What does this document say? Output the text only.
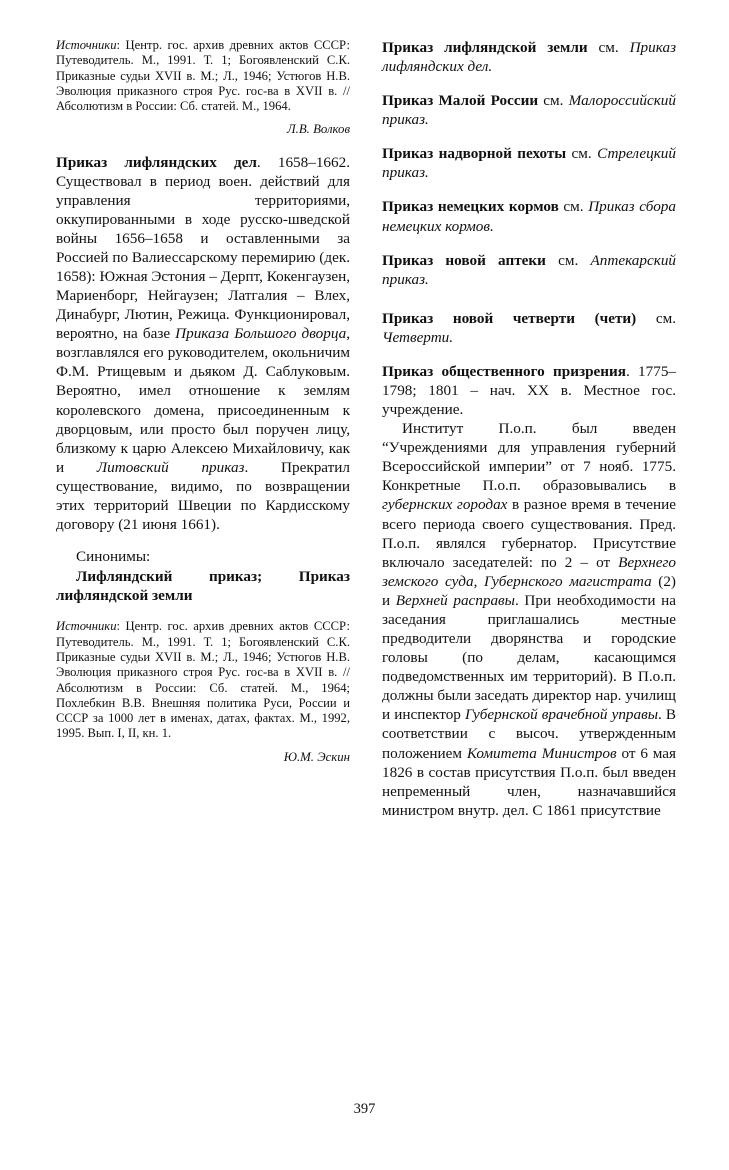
Источники: Центр. гос. архив древних актов СССР: Путеводитель. М., 1991. Т. 1; Богоявленский С.К. Приказные судьи XVII в. М.; Л., 1946; Устюгов Н.В. Эволюция приказного строя Рус. гос-ва в XVII в. // Абсолютизм в России: Сб. статей. М., 1964.

Л.В. Волков

Приказ лифляндских дел. 1658–1662. Существовал в период воен. действий для управления территориями, оккупированными в ходе русско-шведской войны 1656–1658 и оставленными за Россией по Валиессарскому перемирию (дек. 1658): Южная Эстония – Дерпт, Кокенгаузен, Мариенборг, Нейгаузен; Латгалия – Влех, Динабург, Лютин, Режица. Функционировал, вероятно, на базе Приказа Большого дворца, возглавлялся его руководителем, окольничим Ф.М. Ртищевым и дьяком Д. Саблуковым. Вероятно, имел отношение к землям королевского домена, присоединенным к дворцовым, или просто был поручен лицу, близкому к царю Алексею Михайловичу, как и Литовский приказ. Прекратил существование, видимо, по возвращении этих территорий Швеции по Кардисскому договору (21 июня 1661).

Синонимы:

Лифляндский приказ; Приказ лифляндской земли

Источники: Центр. гос. архив древних актов СССР: Путеводитель. М., 1991. Т. 1; Богоявленский С.К. Приказные судьи XVII в. М.; Л., 1946; Устюгов Н.В. Эволюция приказного строя Рус. гос-ва в XVII в. // Абсолютизм в России: Сб. статей. М., 1964; Похлебкин В.В. Внешняя политика Руси, России и СССР за 1000 лет в именах, датах, фактах. М., 1992, 1995. Вып. I, II, кн. 1.

Ю.М. Эскин

Приказ лифляндской земли см. Приказ лифляндских дел.

Приказ Малой России см. Малороссийский приказ.

Приказ надворной пехоты см. Стрелецкий приказ.

Приказ немецких кормов см. Приказ сбора немецких кормов.

Приказ новой аптеки см. Аптекарский приказ.

Приказ новой четверти (чети) см. Четверти.

Приказ общественного призрения. 1775–1798; 1801 – нач. XX в. Местное гос. учреждение.

Институт П.о.п. был введен “Учреждениями для управления губерний Всероссийской империи” от 7 нояб. 1775. Конкретные П.о.п. образовывались в губернских городах в разное время в течение всего периода своего существования. Пред. П.о.п. являлся губернатор. Присутствие включало заседателей: по 2 – от Верхнего земского суда, Губернского магистрата (2) и Верхней расправы. При необходимости на заседания приглашались местные предводители дворянства и городские головы (по делам, касающимся подведомственных им территорий). В П.о.п. должны были заседать директор нар. училищ и инспектор Губернской врачебной управы. В соответствии с высоч. утвержденным положением Комитета Министров от 6 мая 1826 в состав присутствия П.о.п. был введен непременный член, назначавшийся министром внутр. дел. С 1861 присутствие

397
